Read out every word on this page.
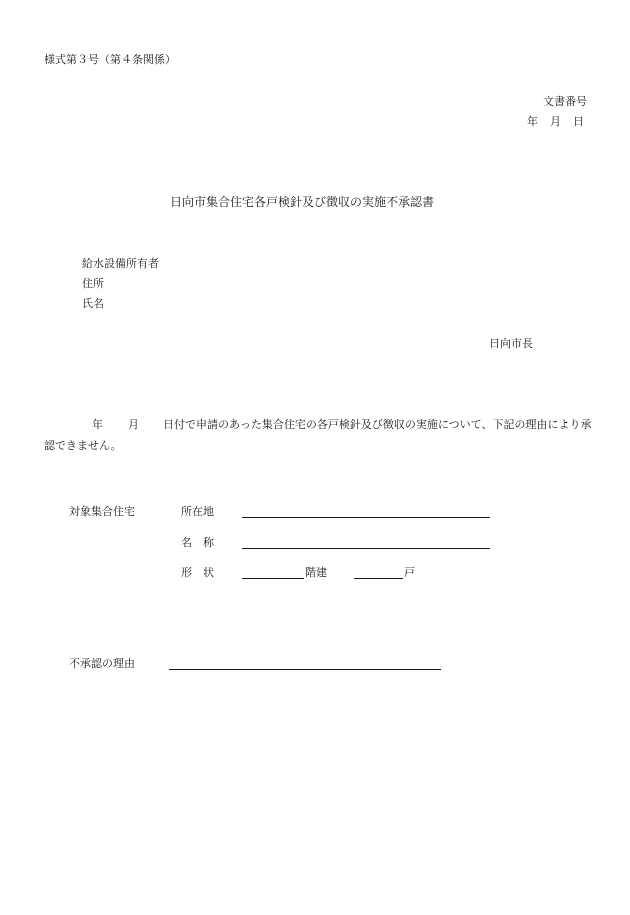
様式第３号（第４条関係）
文書番号
年 月 日
日向市集合住宅各戸検針及び徴収の実施不承認書
給水設備所有者
住所
氏名
日向市長
年 月 日付で申請のあった集合住宅の各戸検針及び徴収の実施について、下記の理由により承認できません。
対象集合住宅	所在地
名　称
形　状	階建	戸
不承認の理由
